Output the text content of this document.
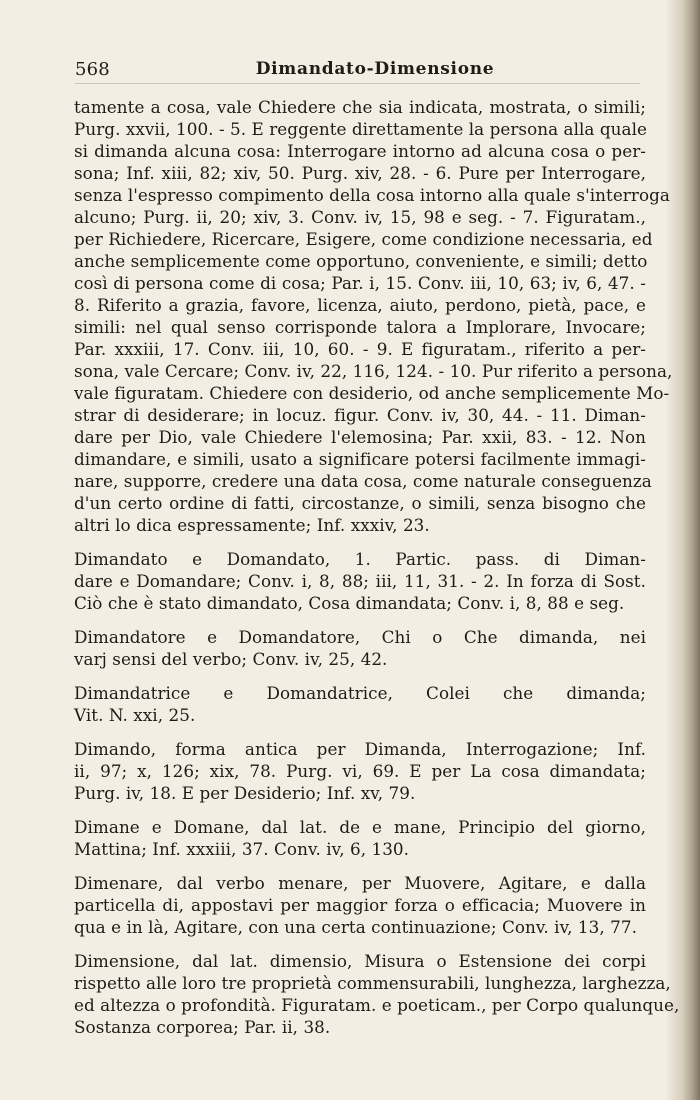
568	Dimandato-Dimensione
tamente a cosa, vale Chiedere che sia indicata, mostrata, o simili;
Purg. xxvii, 100. - 5. E reggente direttamente la persona alla quale
si dimanda alcuna cosa: Interrogare intorno ad alcuna cosa o per-
sona; Inf. xiii, 82; xiv, 50. Purg. xiv, 28. - 6. Pure per Interrogare,
senza l'espresso compimento della cosa intorno alla quale s'interroga
alcuno; Purg. ii, 20; xiv, 3. Conv. iv, 15, 98 e seg. - 7. Figuratam.,
per Richiedere, Ricercare, Esigere, come condizione necessaria, ed
anche semplicemente come opportuno, conveniente, e simili; detto
così di persona come di cosa; Par. i, 15. Conv. iii, 10, 63; iv, 6, 47. -
8. Riferito a grazia, favore, licenza, aiuto, perdono, pietà, pace, e
simili: nel qual senso corrisponde talora a Implorare, Invocare;
Par. xxxiii, 17. Conv. iii, 10, 60. - 9. E figuratam., riferito a per-
sona, vale Cercare; Conv. iv, 22, 116, 124. - 10. Pur riferito a persona,
vale figuratam. Chiedere con desiderio, od anche semplicemente Mo-
strar di desiderare; in locuz. figur. Conv. iv, 30, 44. - 11. Diman-
dare per Dio, vale Chiedere l'elemosina; Par. xxii, 83. - 12. Non
dimandare, e simili, usato a significare potersi facilmente immagi-
nare, supporre, credere una data cosa, come naturale conseguenza
d'un certo ordine di fatti, circostanze, o simili, senza bisogno che
altri lo dica espressamente; Inf. xxxiv, 23.
Dimandato e Domandato, 1. Partic. pass. di Diman-
dare e Domandare; Conv. i, 8, 88; iii, 11, 31. - 2. In forza di Sost.
Ciò che è stato dimandato, Cosa dimandata; Conv. i, 8, 88 e seg.
Dimandatore e Domandatore, Chi o Che dimanda, nei
varj sensi del verbo; Conv. iv, 25, 42.
Dimandatrice e Domandatrice, Colei che dimanda;
Vit. N. xxi, 25.
Dimando, forma antica per Dimanda, Interrogazione; Inf.
ii, 97; x, 126; xix, 78. Purg. vi, 69. E per La cosa dimandata;
Purg. iv, 18. E per Desiderio; Inf. xv, 79.
Dimane e Domane, dal lat. de e mane, Principio del giorno,
Mattina; Inf. xxxiii, 37. Conv. iv, 6, 130.
Dimenare, dal verbo menare, per Muovere, Agitare, e dalla
particella di, appostavi per maggior forza o efficacia; Muovere in
qua e in là, Agitare, con una certa continuazione; Conv. iv, 13, 77.
Dimensione, dal lat. dimensio, Misura o Estensione dei corpi
rispetto alle loro tre proprietà commensurabili, lunghezza, larghezza,
ed altezza o profondità. Figuratam. e poeticam., per Corpo qualunque,
Sostanza corporea; Par. ii, 38.
